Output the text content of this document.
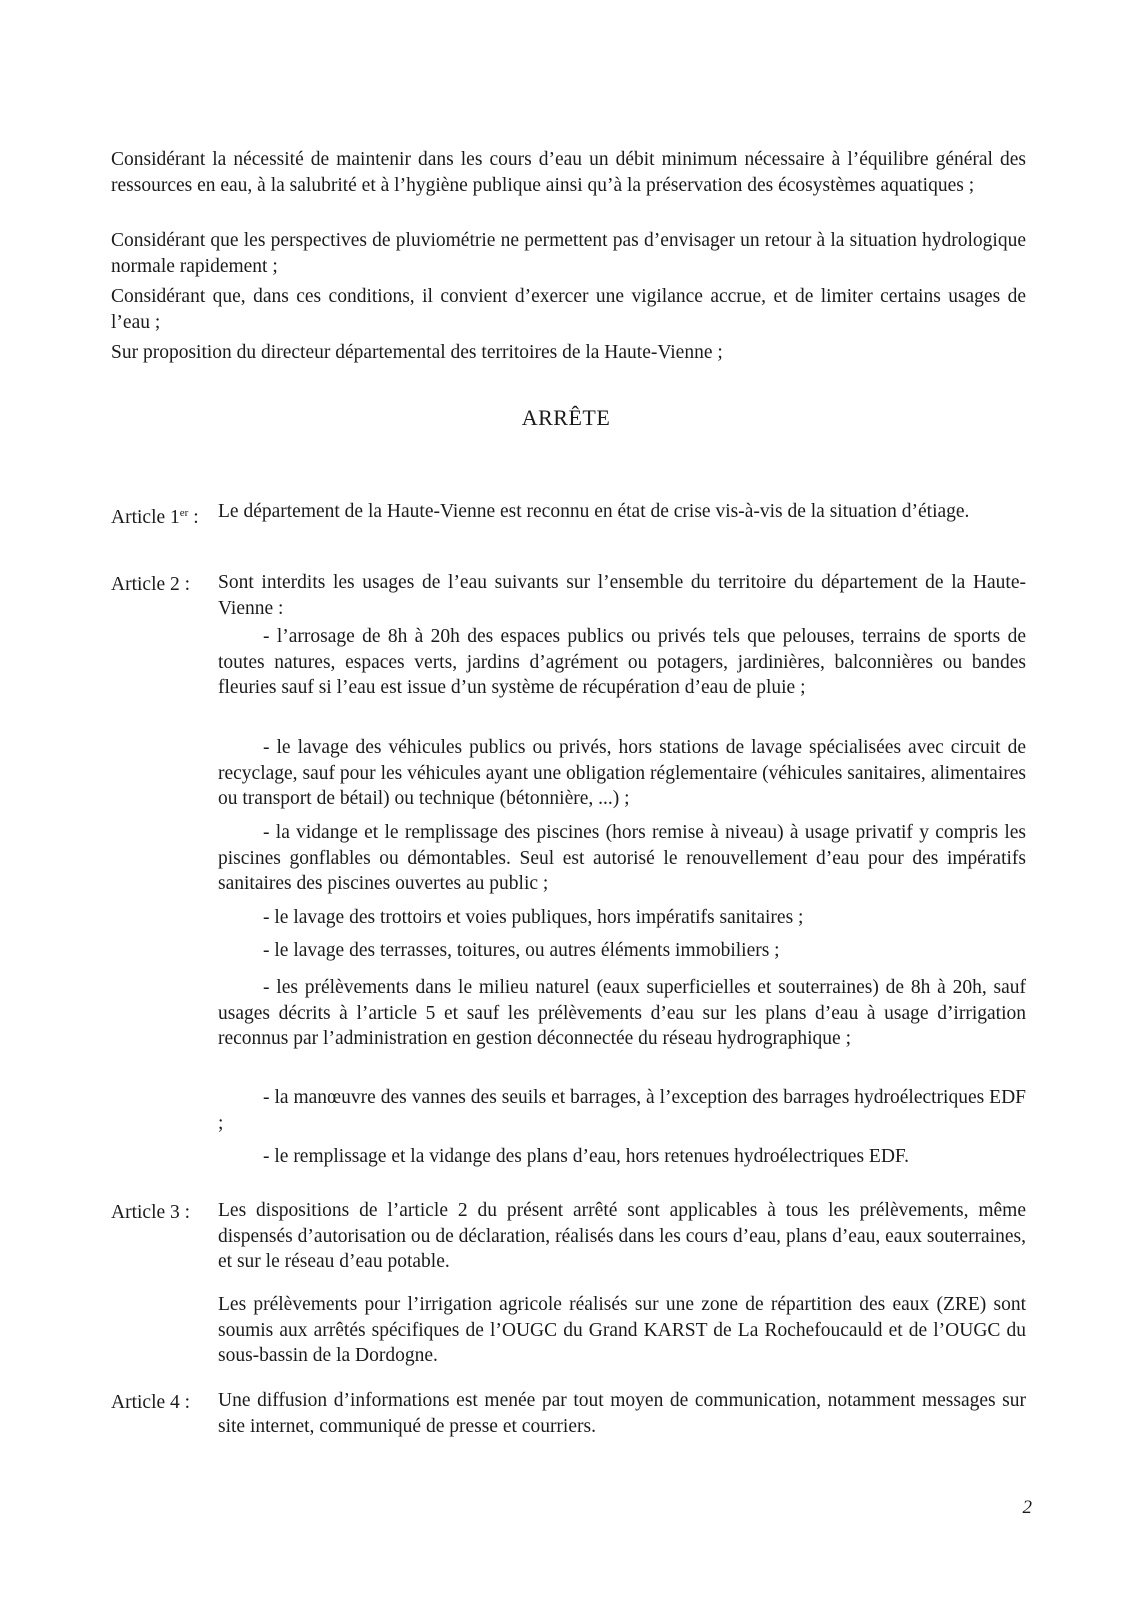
Considérant la nécessité de maintenir dans les cours d’eau un débit minimum nécessaire à l’équilibre général des ressources en eau, à la salubrité et à l’hygiène publique ainsi qu’à la préservation des écosystèmes aquatiques ;

Considérant que les perspectives de pluviométrie ne permettent pas d’envisager un retour à la situation hydrologique normale rapidement ;

Considérant que, dans ces conditions, il convient d’exercer une vigilance accrue, et de limiter certains usages de l’eau ;

Sur proposition du directeur départemental des territoires de la Haute-Vienne ;

ARRÊTE
Article 1er : Le département de la Haute-Vienne est reconnu en état de crise vis-à-vis de la situation d’étiage.

Article 2 :	Sont interdits les usages de l’eau suivants sur l’ensemble du territoire du département de la Haute-Vienne :

- l’arrosage de 8h à 20h des espaces publics ou privés tels que pelouses, terrains de sports de toutes natures, espaces verts, jardins d’agrément ou potagers, jardinières, balconnières ou bandes fleuries sauf si l’eau est issue d’un système de récupération d’eau de pluie ;

- le lavage des véhicules publics ou privés, hors stations de lavage spécialisées avec circuit de recyclage, sauf pour les véhicules ayant une obligation réglementaire (véhicules sanitaires, alimentaires ou transport de bétail) ou technique (bétonnière, ...) ;

- la vidange et le remplissage des piscines (hors remise à niveau) à usage privatif y compris les piscines gonflables ou démontables. Seul est autorisé le renouvellement d’eau pour des impératifs sanitaires des piscines ouvertes au public ;

- le lavage des trottoirs et voies publiques, hors impératifs sanitaires ;

- le lavage des terrasses, toitures, ou autres éléments immobiliers ;

- les prélèvements dans le milieu naturel (eaux superficielles et souterraines) de 8h à 20h, sauf usages décrits à l’article 5 et sauf les prélèvements d’eau sur les plans d’eau à usage d’irrigation reconnus par l’administration en gestion déconnectée du réseau hydrographique ;

- la manœuvre des vannes des seuils et barrages, à l’exception des barrages hydroélectriques EDF ;

- le remplissage et la vidange des plans d’eau, hors retenues hydroélectriques EDF.

Article 3 :	Les dispositions de l’article 2 du présent arrêté sont applicables à tous les prélèvements, même dispensés d’autorisation ou de déclaration, réalisés dans les cours d’eau, plans d’eau, eaux souterraines, et sur le réseau d’eau potable.

Les prélèvements pour l’irrigation agricole réalisés sur une zone de répartition des eaux (ZRE) sont soumis aux arrêtés spécifiques de l’OUGC du Grand KARST de La Rochefoucauld et de l’OUGC du sous-bassin de la Dordogne.

Article 4 :	Une diffusion d’informations est menée par tout moyen de communication, notamment messages sur site internet, communiqué de presse et courriers.

2
